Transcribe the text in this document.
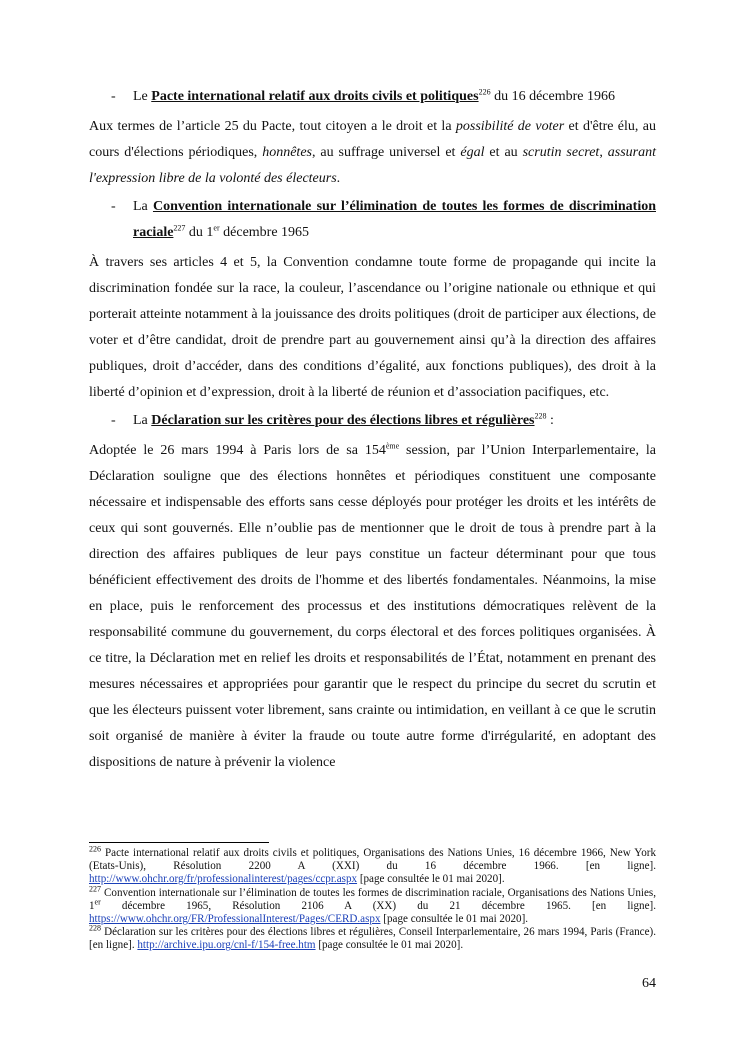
- Le Pacte international relatif aux droits civils et politiques$^{226}$ du 16 décembre 1966

Aux termes de l’article 25 du Pacte, tout citoyen a le droit et la possibilité de voter et d'être élu, au cours d'élections périodiques, honnêtes, au suffrage universel et égal et au scrutin secret, assurant l'expression libre de la volonté des électeurs.

- La Convention internationale sur l’élimination de toutes les formes de discrimination raciale$^{227}$ du 1er décembre 1965

À travers ses articles 4 et 5, la Convention condamne toute forme de propagande qui incite la discrimination fondée sur la race, la couleur, l’ascendance ou l’origine nationale ou ethnique et qui porterait atteinte notamment à la jouissance des droits politiques (droit de participer aux élections, de voter et d’être candidat, droit de prendre part au gouvernement ainsi qu’à la direction des affaires publiques, droit d’accéder, dans des conditions d’égalité, aux fonctions publiques), des droit à la liberté d’opinion et d’expression, droit à la liberté de réunion et d’association pacifiques, etc.

- La Déclaration sur les critères pour des élections libres et régulières$^{228}$ :

Adoptée le 26 mars 1994 à Paris lors de sa 154ème session, par l’Union Interparlementaire, la Déclaration souligne que des élections honnêtes et périodiques constituent une composante nécessaire et indispensable des efforts sans cesse déployés pour protéger les droits et les intérêts de ceux qui sont gouvernés. Elle n’oublie pas de mentionner que le droit de tous à prendre part à la direction des affaires publiques de leur pays constitue un facteur déterminant pour que tous bénéficient effectivement des droits de l'homme et des libertés fondamentales. Néanmoins, la mise en place, puis le renforcement des processus et des institutions démocratiques relèvent de la responsabilité commune du gouvernement, du corps électoral et des forces politiques organisées. À ce titre, la Déclaration met en relief les droits et responsabilités de l’État, notamment en prenant des mesures nécessaires et appropriées pour garantir que le respect du principe du secret du scrutin et que les électeurs puissent voter librement, sans crainte ou intimidation, en veillant à ce que le scrutin soit organisé de manière à éviter la fraude ou toute autre forme d'irrégularité, en adoptant des dispositions de nature à prévenir la violence

$^{226}$ Pacte international relatif aux droits civils et politiques, Organisations des Nations Unies, 16 décembre 1966, New York (Etats-Unis), Résolution 2200 A (XXI) du 16 décembre 1966. [en ligne]. http://www.ohchr.org/fr/professionalinterest/pages/ccpr.aspx [page consultée le 01 mai 2020].

$^{227}$ Convention internationale sur l’élimination de toutes les formes de discrimination raciale, Organisations des Nations Unies, 1er décembre 1965, Résolution 2106 A (XX) du 21 décembre 1965. [en ligne]. https://www.ohchr.org/FR/ProfessionalInterest/Pages/CERD.aspx [page consultée le 01 mai 2020].

$^{228}$ Déclaration sur les critères pour des élections libres et régulières, Conseil Interparlementaire, 26 mars 1994, Paris (France). [en ligne]. http://archive.ipu.org/cnl-f/154-free.htm [page consultée le 01 mai 2020].

64
